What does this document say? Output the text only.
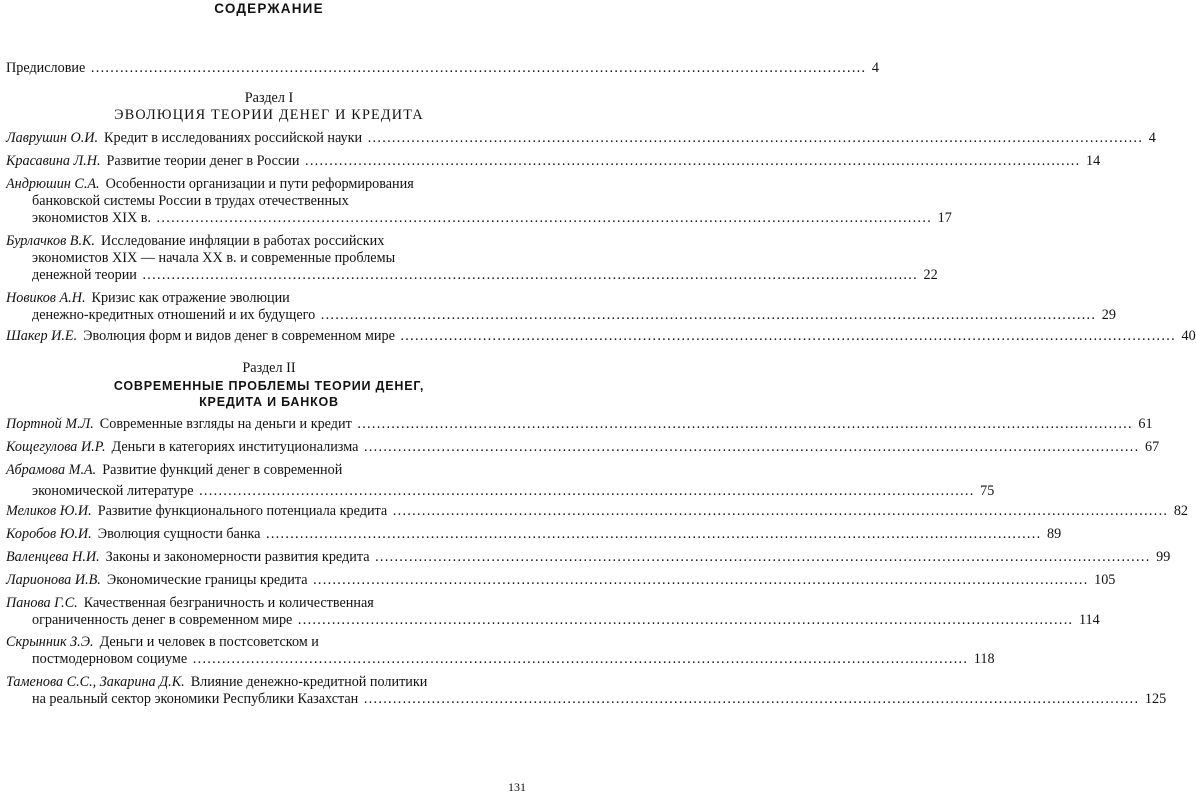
СОДЕРЖАНИЕ
Предисловие .....	4
Раздел I
ЭВОЛЮЦИЯ ТЕОРИИ ДЕНЕГ И КРЕДИТА
Лаврушин О.И. Кредит в исследованиях российской науки .....	4
Красавина Л.Н. Развитие теории денег в России .....	14
Андрюшин С.А. Особенности организации и пути реформирования
банковской системы России в трудах отечественных
экономистов XIX в. .....	17
Бурлачков В.К. Исследование инфляции в работах российских
экономистов XIX — начала XX в. и современные проблемы
денежной теории .....	22
Новиков А.Н. Кризис как отражение эволюции
денежно-кредитных отношений и их будущего .....	29
Шакер И.Е. Эволюция форм и видов денег в современном мире .....	40
Раздел II
СОВРЕМЕННЫЕ ПРОБЛЕМЫ ТЕОРИИ ДЕНЕГ,
КРЕДИТА И БАНКОВ
Портной М.Л. Современные взгляды на деньги и кредит .....	61
Кощегулова И.Р. Деньги в категориях институционализма .....	67
Абрамова М.А. Развитие функций денег в современной
экономической литературе .....	75
Меликов Ю.И. Развитие функционального потенциала кредита .....	82
Коробов Ю.И. Эволюция сущности банка .....	89
Валенцева Н.И. Законы и закономерности развития кредита .....	99
Ларионова И.В. Экономические границы кредита .....	105
Панова Г.С. Качественная безграничность и количественная
ограниченность денег в современном мире .....	114
Скрынник З.Э. Деньги и человек в постсоветском и
постмодерновом социуме .....	118
Таменова С.С., Закарина Д.К. Влияние денежно-кредитной политики
на реальный сектор экономики Республики Казахстан .....	125
131
